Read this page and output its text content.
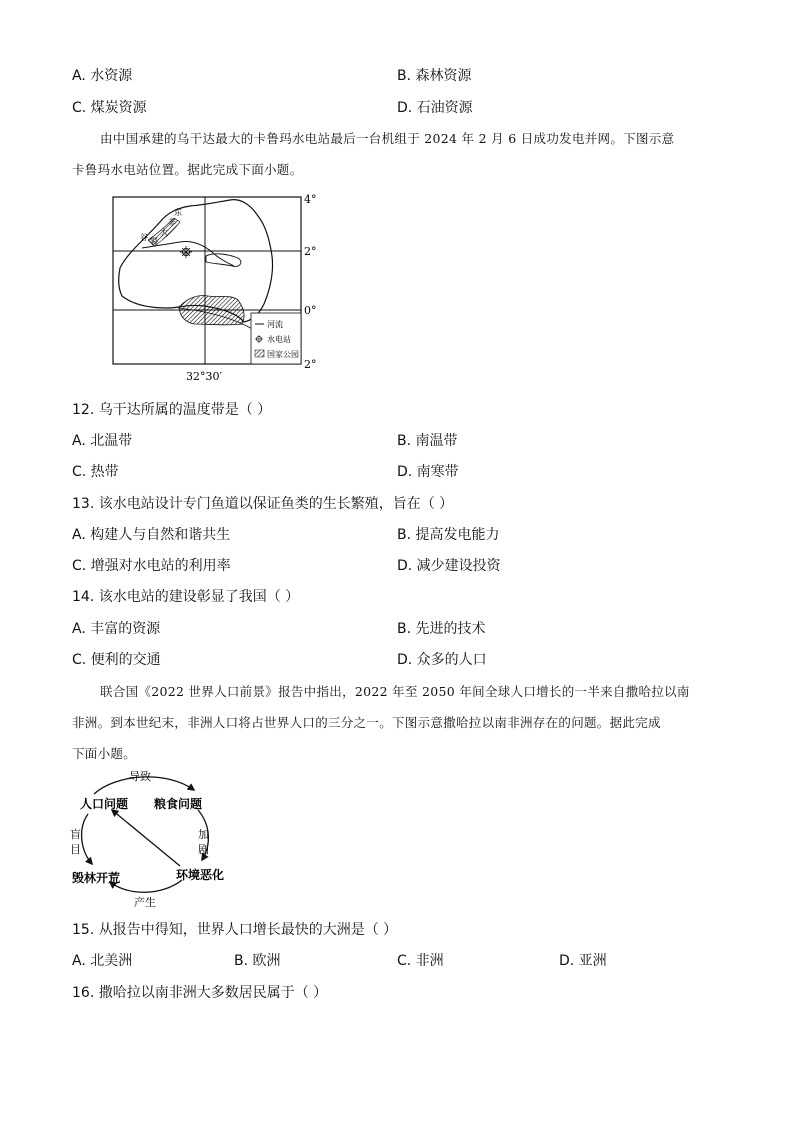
A. 水资源	B. 森林资源
C. 煤炭资源	D. 石油资源
由中国承建的乌干达最大的卡鲁玛水电站最后一台机组于 2024 年 2 月 6 日成功发电并网。下图示意
卡鲁玛水电站位置。据此完成下面小题。
东
非
大
裂
谷
4°
2°
0°
2°
32°30′
河流
水电站
国家公园
12. 乌干达所属的温度带是（ ）
A. 北温带	B. 南温带
C. 热带	D. 南寒带
13. 该水电站设计专门鱼道以保证鱼类的生长繁殖，旨在（ ）
A. 构建人与自然和谐共生	B. 提高发电能力
C. 增强对水电站的利用率	D. 减少建设投资
14. 该水电站的建设彰显了我国（ ）
A. 丰富的资源	B. 先进的技术
C. 便利的交通	D. 众多的人口
联合国《2022 世界人口前景》报告中指出，2022 年至 2050 年间全球人口增长的一半来自撒哈拉以南
非洲。到本世纪末，非洲人口将占世界人口的三分之一。下图示意撒哈拉以南非洲存在的问题。据此完成
下面小题。
导致
人口问题 粮食问题
环境恶化
毁林开荒
加
剧
盲
目
产生
15. 从报告中得知，世界人口增长最快的大洲是（ ）
A. 北美洲	B. 欧洲	C. 非洲	D. 亚洲
16. 撒哈拉以南非洲大多数居民属于（ ）
